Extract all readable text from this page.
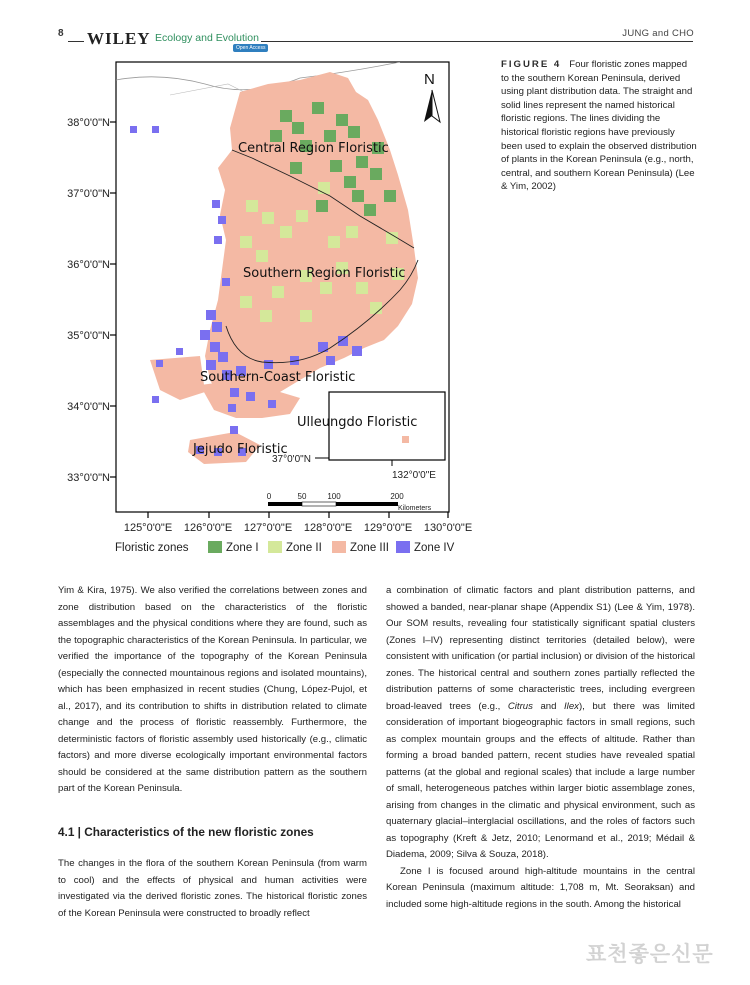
8 WILEY Ecology and Evolution
Open Access
JUNG and CHO
N
38°0'0"N
37°0'0"N
36°0'0"N
35°0'0"N
34°0'0"N
33°0'0"N
125°0'0"E 126°0'0"E 127°0'0"E 128°0'0"E 129°0'0"E 130°0'0"E
Central Region Floristic
Southern Region Floristic
Southern-Coast Floristic
Ulleungdo Floristic
Jejudo Floristic
37°0'0"N
132°0'0"E
0	50	100	200
Kilometers
Floristic zones	Zone I Zone II Zone III Zone IV
FIGURE 4 Four floristic zones mapped to the southern Korean Peninsula, derived using plant distribution data. The straight and solid lines represent the named historical floristic regions. The lines dividing the historical floristic regions have previously been used to explain the observed distribution of plants in the Korean Peninsula (e.g., north, central, and southern Korean Peninsula) (Lee & Yim, 2002)

Yim & Kira, 1975). We also verified the correlations between zones and zone distribution based on the characteristics of the floristic assemblages and the physical conditions where they are found, such as the topographic characteristics of the Korean Peninsula. In particular, we verified the importance of the topography of the Korean Peninsula (especially the connected mountainous regions and isolated mountains), which has been emphasized in recent studies (Chung, López-Pujol, et al., 2017), and its contribution to shifts in distribution related to climate change and the process of floristic reassembly. Furthermore, the deterministic factors of floristic assembly used historically (e.g., climatic factors) and more diverse ecologically important environmental factors should be considered at the same distribution pattern as the southern part of the Korean Peninsula.

4.1 | Characteristics of the new floristic zones

The changes in the flora of the southern Korean Peninsula (from warm to cool) and the effects of physical and human activities were investigated via the derived floristic zones. The historical floristic zones of the Korean Peninsula were constructed to broadly reflect

a combination of climatic factors and plant distribution patterns, and showed a banded, near-planar shape (Appendix S1) (Lee & Yim, 1978). Our SOM results, revealing four statistically significant spatial clusters (Zones I–IV) representing distinct territories (detailed below), were consistent with unification (or partial inclusion) or division of the historical zones. The historical central and southern zones partially reflected the distribution patterns of some characteristic trees, including evergreen broad-leaved trees (e.g., Citrus and Ilex), but there was limited consideration of important biogeographic factors in small regions, such as complex mountain groups and the effects of altitude. Rather than forming a broad banded pattern, recent studies have revealed spatial patterns (at the global and regional scales) that include a large number of small, heterogeneous patches within larger biotic assemblage zones, arising from changes in the climatic and physical environment, such as quaternary glacial–interglacial oscillations, and the roles of factors such as topography (Kreft & Jetz, 2010; Lenormand et al., 2019; Médail & Diadema, 2009; Silva & Souza, 2018).

Zone I is focused around high-altitude mountains in the central Korean Peninsula (maximum altitude: 1,708 m, Mt. Seoraksan) and included some high-altitude regions in the south. Among the historical

표천좋은신문
